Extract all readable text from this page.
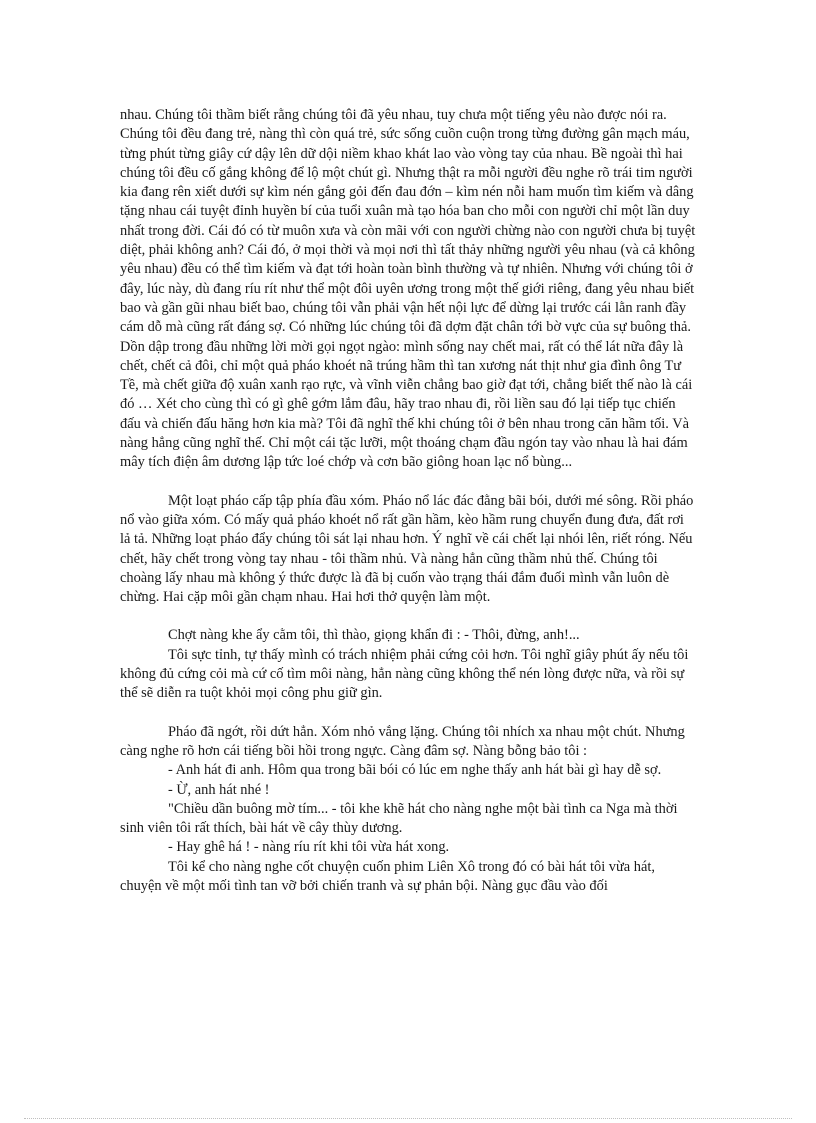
nhau. Chúng tôi thầm biết rằng chúng tôi đã yêu nhau, tuy chưa một tiếng yêu nào được nói ra. Chúng tôi đều đang trẻ, nàng thì còn quá trẻ, sức sống cuồn cuộn trong từng đường gân mạch máu, từng phút từng giây cứ dậy lên dữ dội niềm khao khát lao vào vòng tay của nhau. Bề ngoài thì hai chúng tôi đều cố gắng không để lộ một chút gì. Nhưng thật ra mỗi người đều nghe rõ trái tim người kia đang rên xiết dưới sự kìm nén gắng gỏi đến đau đớn – kìm nén nỗi ham muốn tìm kiếm và dâng tặng nhau cái tuyệt đỉnh huyền bí của tuổi xuân mà tạo hóa ban cho mỗi con người chỉ một lần duy nhất trong đời. Cái đó có từ muôn xưa và còn mãi với con người chừng nào con người chưa bị tuyệt diệt, phải không anh? Cái đó, ở mọi thời và mọi nơi thì tất thảy những người yêu nhau (và cả không yêu nhau) đều có thể tìm kiếm và đạt tới hoàn toàn bình thường và tự nhiên. Nhưng với chúng tôi ở đây, lúc này, dù đang ríu rít như thể một đôi uyên ương trong một thế giới riêng, đang yêu nhau biết bao và gần gũi nhau biết bao, chúng tôi vẫn phải vận hết nội lực để dừng lại trước cái lằn ranh đầy cám dỗ mà cũng rất đáng sợ. Có những lúc chúng tôi đã dợm đặt chân tới bờ vực của sự buông thả. Dồn dập trong đầu những lời mời gọi ngọt ngào: mình sống nay chết mai, rất có thể lát nữa đây là chết, chết cả đôi, chỉ một quả pháo khoét nã trúng hầm thì tan xương nát thịt như gia đình ông Tư Tề, mà chết giữa độ xuân xanh rạo rực, và vĩnh viễn chẳng bao giờ đạt tới, chẳng biết thế nào là cái đó … Xét cho cùng thì có gì ghê gớm lắm đâu, hãy trao nhau đi, rồi liền sau đó lại tiếp tục chiến đấu và chiến đấu hăng hơn kia mà? Tôi đã nghĩ thế khi chúng tôi ở bên nhau trong căn hầm tối. Và nàng hẳng cũng nghĩ thế. Chỉ một cái tặc lưỡi, một thoáng chạm đầu ngón tay vào nhau là hai đám mây tích điện âm dương lập tức loé chớp và cơn bão giông hoan lạc nổ bùng...

Một loạt pháo cấp tập phía đầu xóm. Pháo nổ lác đác đằng bãi bói, dưới mé sông. Rồi pháo nổ vào giữa xóm. Có mấy quả pháo khoét nổ rất gần hầm, kèo hầm rung chuyển đung đưa, đất rơi lả tả. Những loạt pháo đẩy chúng tôi sát lại nhau hơn. Ý nghĩ về cái chết lại nhói lên, riết róng. Nếu chết, hãy chết trong vòng tay nhau - tôi thầm nhủ. Và nàng hẳn cũng thầm nhủ thế. Chúng tôi choàng lấy nhau mà không ý thức được là đã bị cuốn vào trạng thái đắm đuối mình vẫn luôn dè chừng. Hai cặp môi gần chạm nhau. Hai hơi thở quyện làm một.

Chợt nàng khe ẩy cằm tôi, thì thào, giọng khẩn đi : - Thôi, đừng, anh!...

Tôi sực tỉnh, tự thấy mình có trách nhiệm phải cứng cỏi hơn. Tôi nghĩ giây phút ấy nếu tôi không đủ cứng cỏi mà cứ cố tìm môi nàng, hẳn nàng cũng không thể nén lòng được nữa, và rồi sự thể sẽ diễn ra tuột khỏi mọi công phu giữ gìn.

Pháo đã ngớt, rồi dứt hẳn. Xóm nhỏ vắng lặng. Chúng tôi nhích xa nhau một chút. Nhưng càng nghe rõ hơn cái tiếng bồi hồi trong ngực. Càng đâm sợ. Nàng bỗng bảo tôi :

- Anh hát đi anh. Hôm qua trong bãi bói có lúc em nghe thấy anh hát bài gì hay dễ sợ.

- Ừ, anh hát nhé !

"Chiều dần buông mờ tím... - tôi khe khẽ hát cho nàng nghe một bài tình ca Nga mà thời sinh viên tôi rất thích, bài hát về cây thùy dương.

- Hay ghê há ! - nàng ríu rít khi tôi vừa hát xong.

Tôi kể cho nàng nghe cốt chuyện cuốn phim Liên Xô trong đó có bài hát tôi vừa hát, chuyện về một mối tình tan vỡ bởi chiến tranh và sự phản bội. Nàng gục đầu vào đối
